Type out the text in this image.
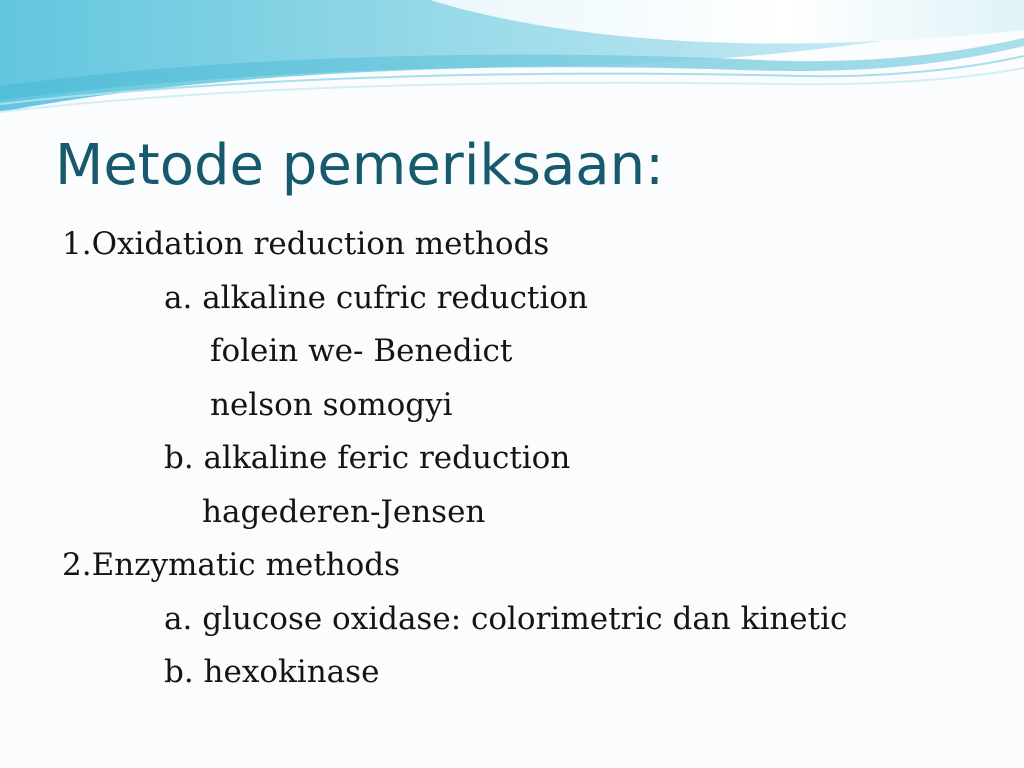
Metode pemeriksaan:
1.Oxidation reduction methods
a. alkaline cufric reduction
folein we- Benedict
nelson somogyi
b. alkaline feric reduction
hagederen-Jensen
2.Enzymatic methods
a. glucose oxidase: colorimetric dan kinetic
b. hexokinase
